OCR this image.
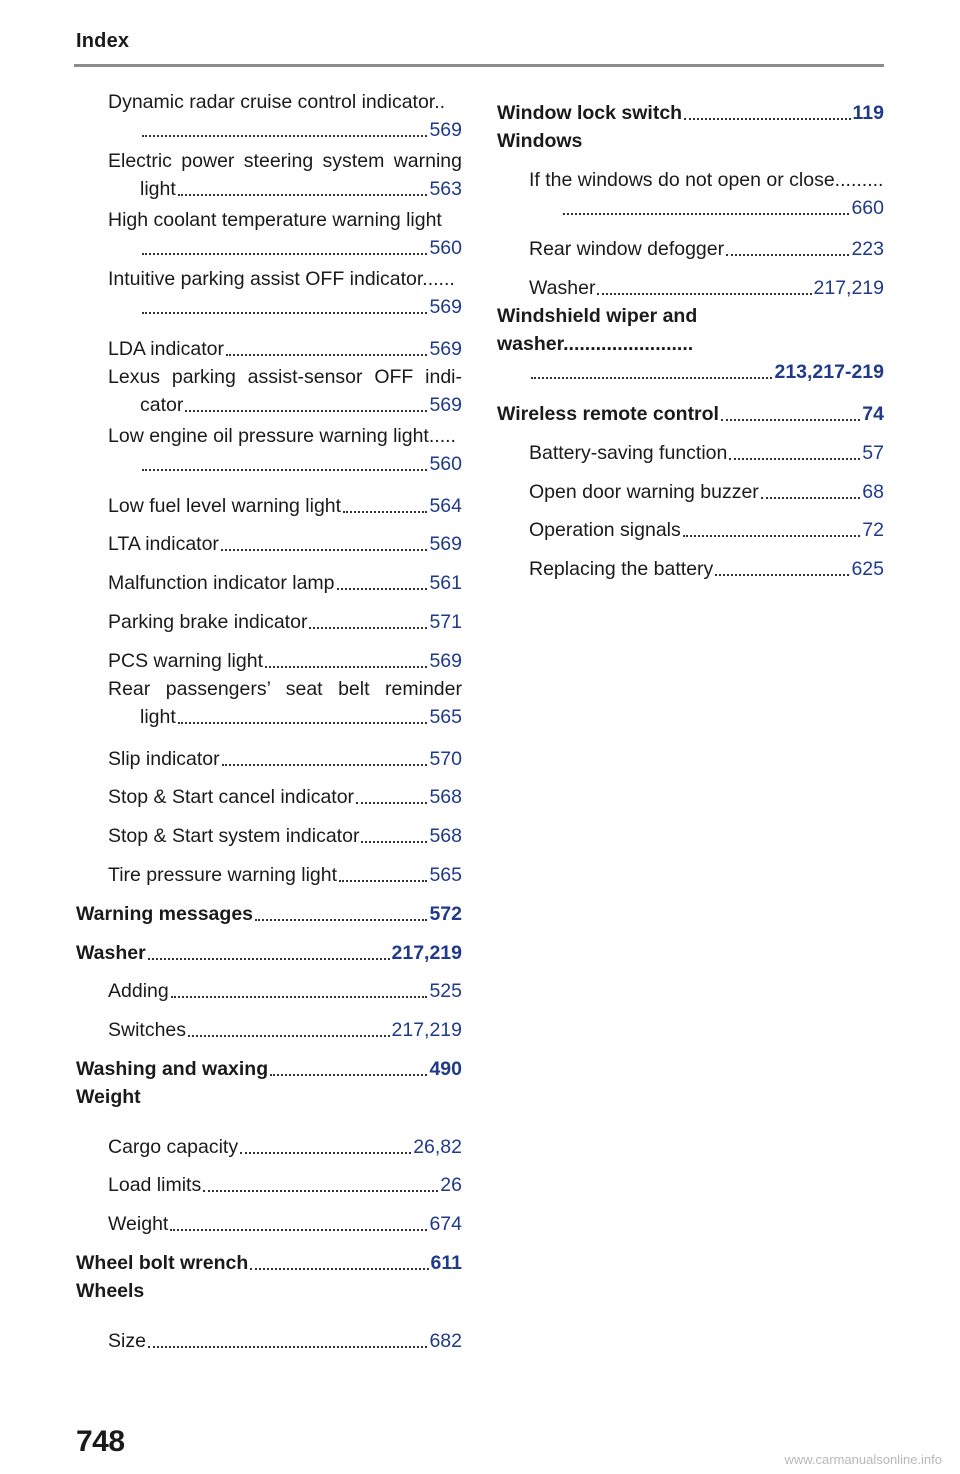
Index
Dynamic radar cruise control indicator..
569
Electric power steering system warning
light	563
High coolant temperature warning light
560
Intuitive parking assist OFF indicator......
569
LDA indicator	569
Lexus parking assist-sensor OFF indi-
cator	569
Low engine oil pressure warning light.....
560
Low fuel level warning light	564
LTA indicator	569
Malfunction indicator lamp	561
Parking brake indicator	571
PCS warning light	569
Rear passengers’ seat belt reminder
light	565
Slip indicator	570
Stop & Start cancel indicator	568
Stop & Start system indicator	568
Tire pressure warning light	565
Warning messages	572
Washer	217,219
Adding	525
Switches	217,219
Washing and waxing	490
Weight
Cargo capacity	26,82
Load limits	26
Weight	674
Wheel bolt wrench	611
Wheels
Size	682
Window lock switch	119
Windows
If the windows do not open or close.........
660
Rear window defogger	223
Washer	217,219
Windshield wiper and washer........................
213,217-219
Wireless remote control	74
Battery-saving function	57
Open door warning buzzer	68
Operation signals	72
Replacing the battery	625
748
www.carmanualsonline.info
